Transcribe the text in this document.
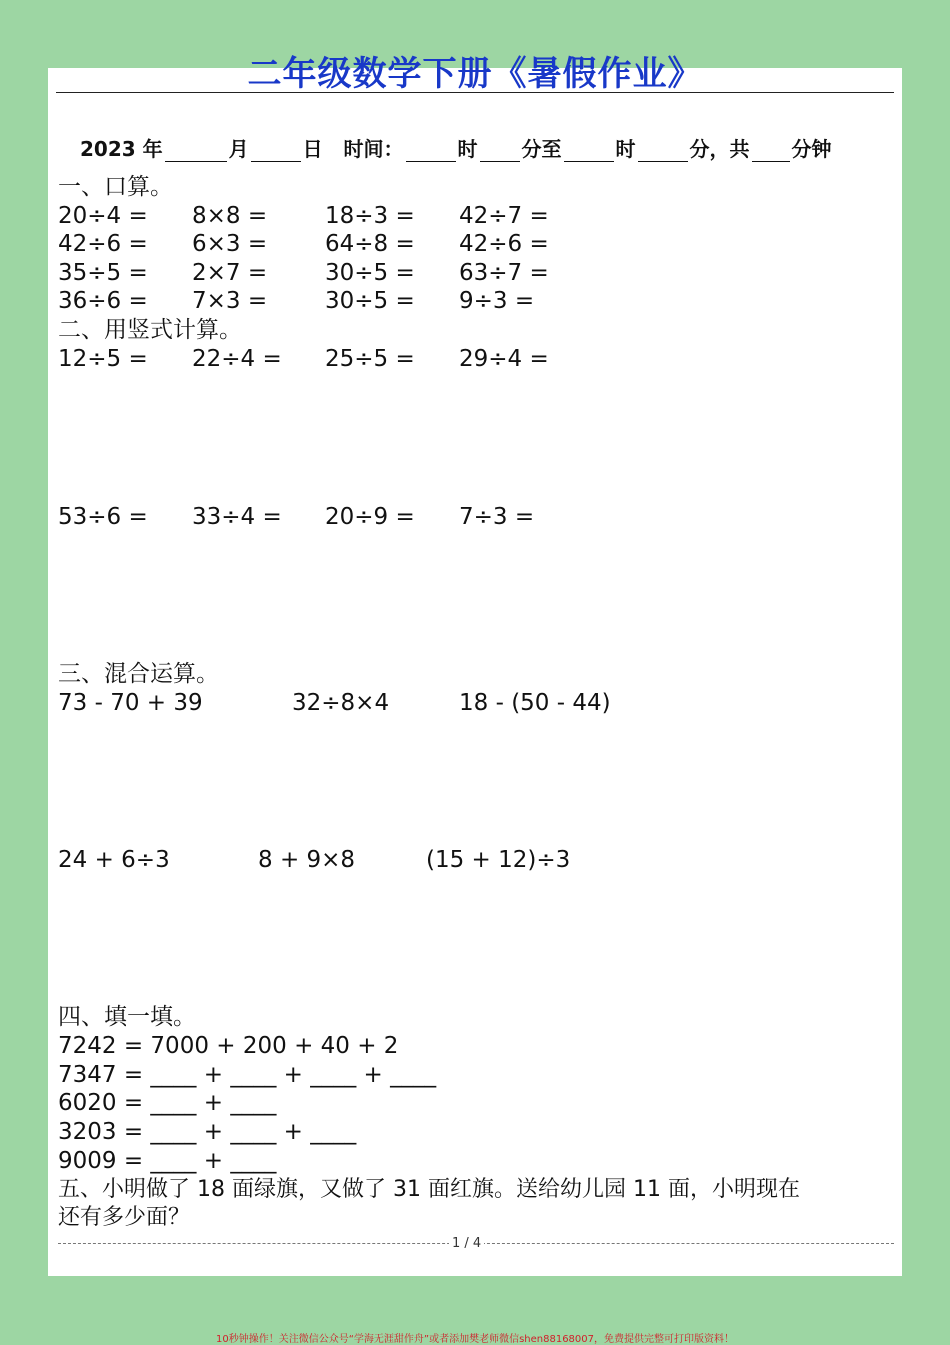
二年级数学下册《暑假作业》
2023 年	月	日 时间：	时 分至	时	分，共 分钟
一、口算。
20÷4 = 8×8 =	18÷3 = 42÷7 =
42÷6 = 6×3 =	64÷8 = 42÷6 =
35÷5 = 2×7 =	30÷5 = 63÷7 =
36÷6 = 7×3 =	30÷5 = 9÷3 =
二、用竖式计算。
12÷5 = 22÷4 = 25÷5 = 29÷4 =
53÷6 = 33÷4 = 20÷9 = 7÷3 =
三、混合运算。
73 - 70 + 39	32÷8×4	18 - (50 - 44)
24 + 6÷3	8 + 9×8	(15 + 12)÷3
四、填一填。
7242 = 7000 + 200 + 40 + 2
7347 = ____ + ____ + ____ + ____
6020 = ____ + ____
3203 = ____ + ____ + ____
9009 = ____ + ____
五、小明做了 18 面绿旗，又做了 31 面红旗。送给幼儿园 11 面，小明现在
还有多少面？
1 / 4
10秒钟操作！关注微信公众号“学海无涯甜作舟”或者添加樊老师微信shen88168007，免费提供完整可打印版资料！
